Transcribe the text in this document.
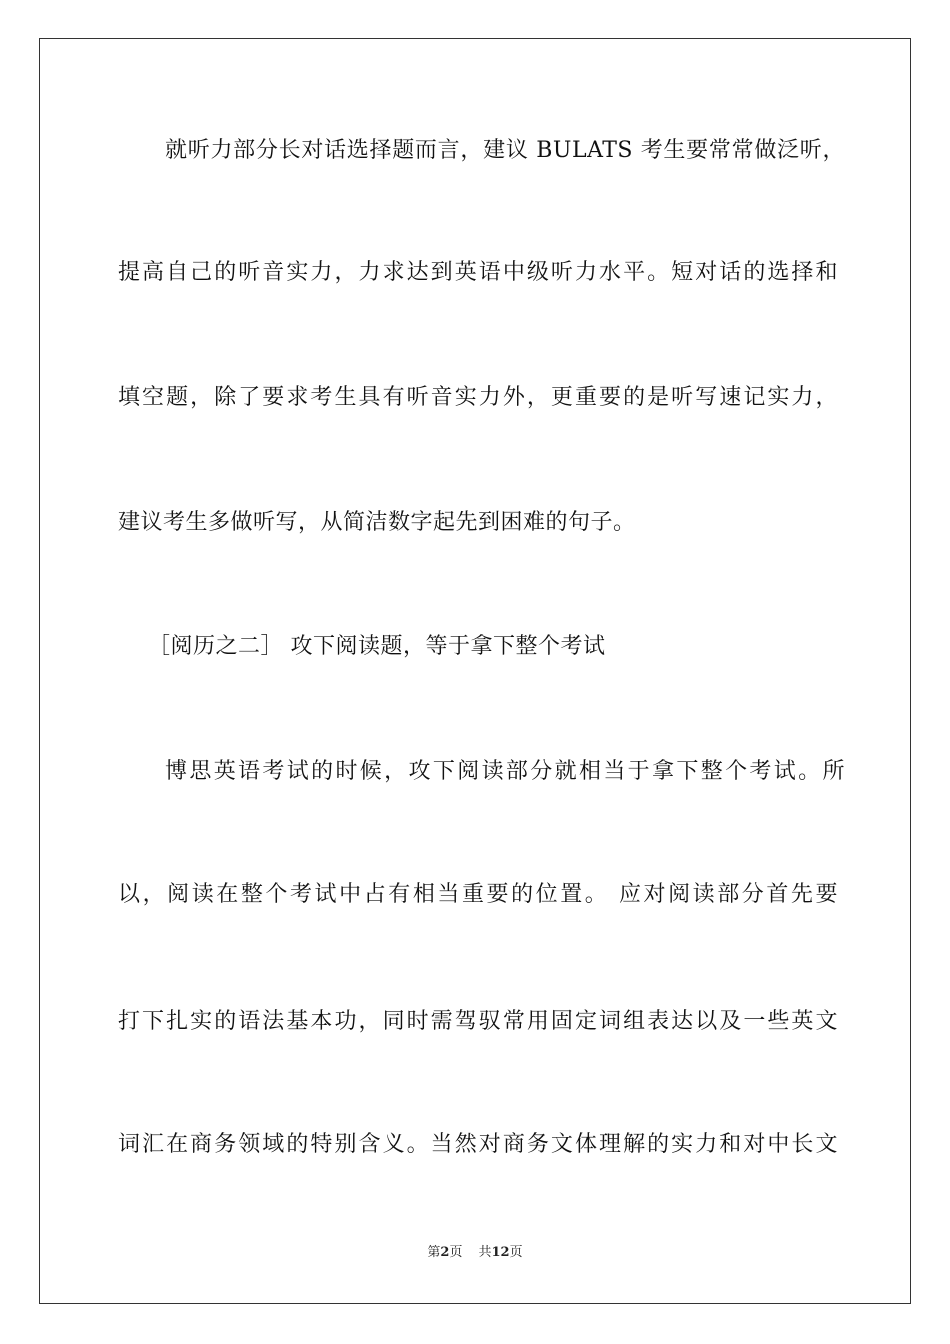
就听力部分长对话选择题而言，建议 BULATS 考生要常常做泛听，
提高自己的听音实力，力求达到英语中级听力水平。短对话的选择和
填空题，除了要求考生具有听音实力外，更重要的是听写速记实力，
建议考生多做听写，从简洁数字起先到困难的句子。
［阅历之二］ 攻下阅读题，等于拿下整个考试
博思英语考试的时候，攻下阅读部分就相当于拿下整个考试。所
以，阅读在整个考试中占有相当重要的位置。 应对阅读部分首先要
打下扎实的语法基本功，同时需驾驭常用固定词组表达以及一些英文
词汇在商务领域的特别含义。当然对商务文体理解的实力和对中长文
第2页 共12页
